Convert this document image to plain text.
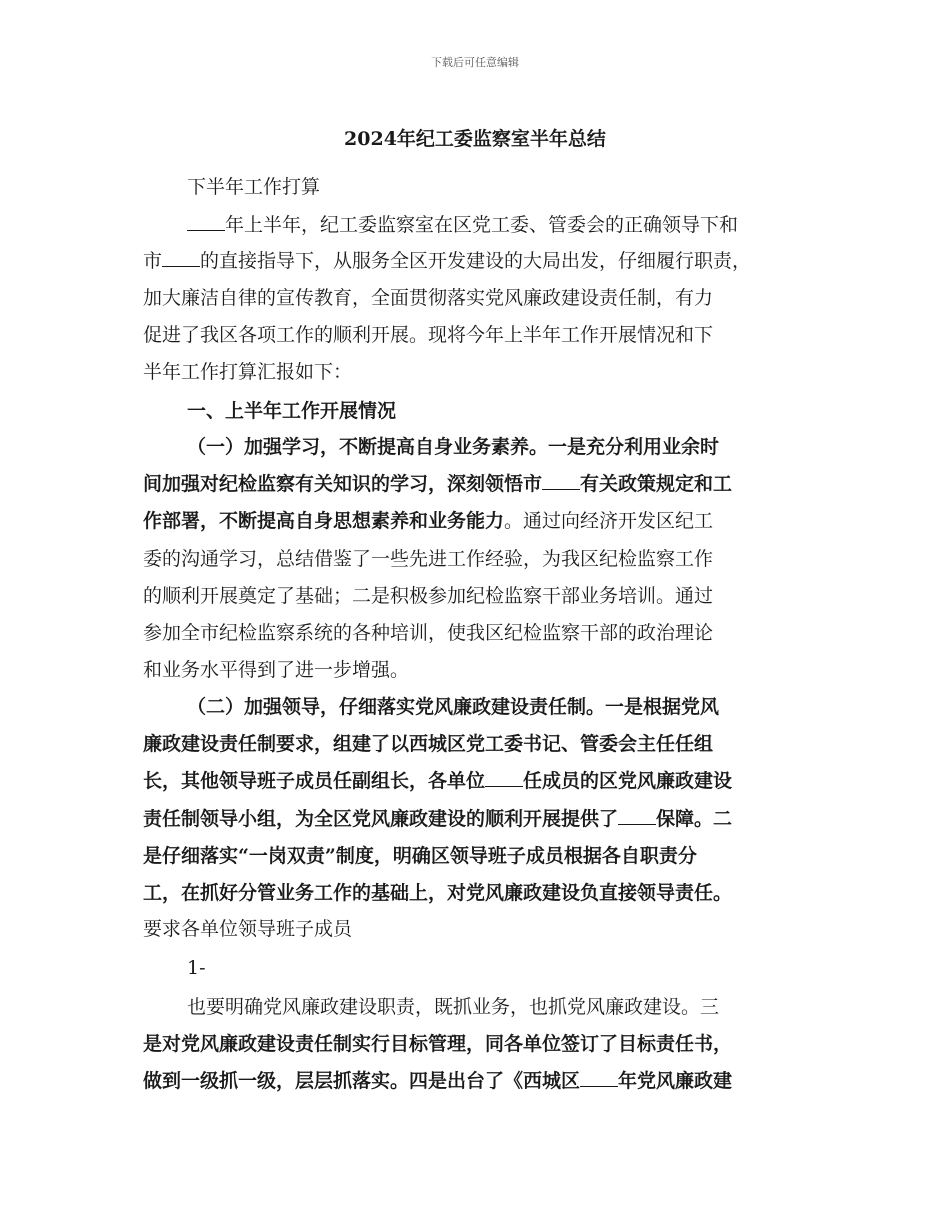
下载后可任意编辑
2024年纪工委监察室半年总结
下半年工作打算
年上半年，纪工委监察室在区党工委、管委会的正确领导下和
市 的直接指导下，从服务全区开发建设的大局出发，仔细履行职责，
加大廉洁自律的宣传教育，全面贯彻落实党风廉政建设责任制，有力
促进了我区各项工作的顺利开展。现将今年上半年工作开展情况和下
半年工作打算汇报如下：
一、上半年工作开展情况
（一）加强学习，不断提高自身业务素养。一是充分利用业余时
间加强对纪检监察有关知识的学习，深刻领悟市 有关政策规定和工
作部署，不断提高自身思想素养和业务能力。通过向经济开发区纪工
委的沟通学习，总结借鉴了一些先进工作经验，为我区纪检监察工作
的顺利开展奠定了基础；二是积极参加纪检监察干部业务培训。通过
参加全市纪检监察系统的各种培训，使我区纪检监察干部的政治理论
和业务水平得到了进一步增强。
（二）加强领导，仔细落实党风廉政建设责任制。一是根据党风
廉政建设责任制要求，组建了以西城区党工委书记、管委会主任任组
长，其他领导班子成员任副组长，各单位 任成员的区党风廉政建设
责任制领导小组，为全区党风廉政建设的顺利开展提供了 保障。二
是仔细落实“一岗双责”制度，明确区领导班子成员根据各自职责分
工，在抓好分管业务工作的基础上，对党风廉政建设负直接领导责任。
要求各单位领导班子成员
1-
也要明确党风廉政建设职责，既抓业务，也抓党风廉政建设。三
是对党风廉政建设责任制实行目标管理，同各单位签订了目标责任书，
做到一级抓一级，层层抓落实。四是出台了《西城区 年党风廉政建
